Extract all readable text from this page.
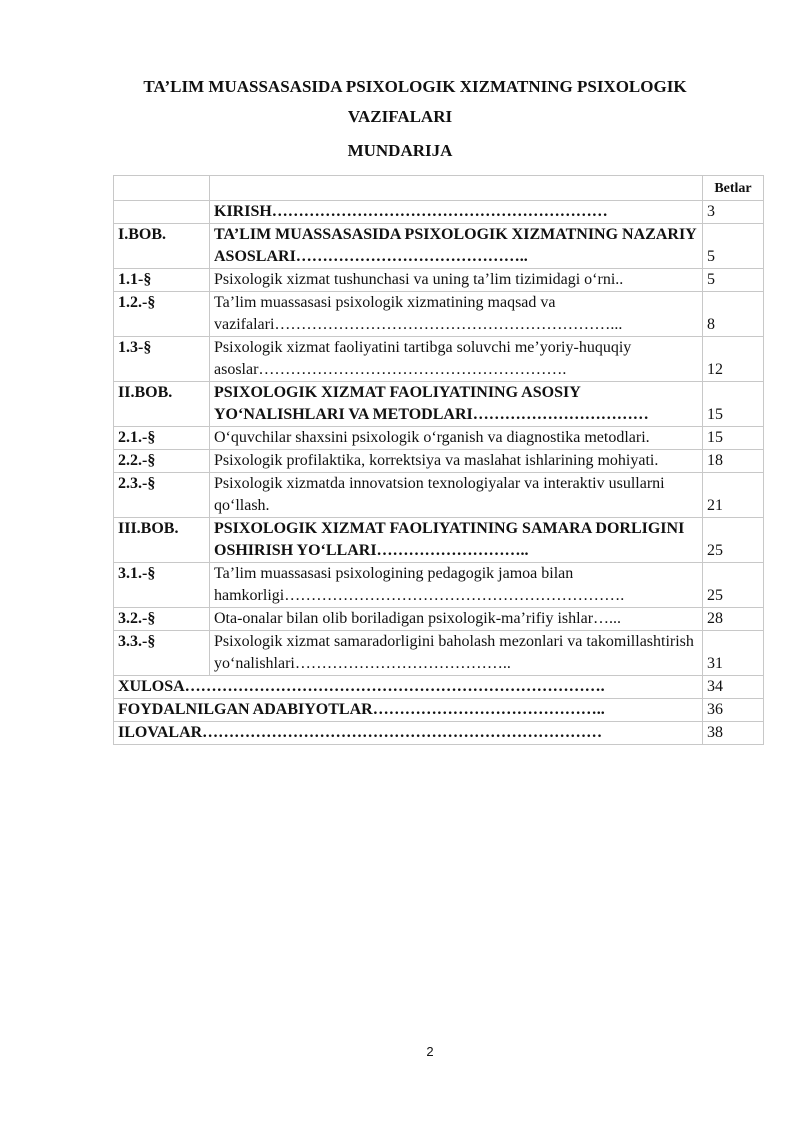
TA’LIM MUASSASASIDA PSIXOLOGIK XIZMATNING PSIXOLOGIK
VAZIFALARI
MUNDARIJA
		Betlar
	KIRISH………………………………………………………	3
I.BOB.	TA’LIM MUASSASASIDA PSIXOLOGIK XIZMATNING NAZARIY ASOSLARI……………………………………..	5
1.1-§	Psixologik xizmat tushunchasi va uning ta’lim tizimidagi o‘rni..	5
1.2.-§	Ta’lim muassasasi psixologik xizmatining maqsad va vazifalari………………………………………………………...	8
1.3-§	Psixologik xizmat faoliyatini tartibga soluvchi me’yoriy-huquqiy asoslar………………………………………………….	12
II.BOB.	PSIXOLOGIK XIZMAT FAOLIYATINING ASOSIY YO‘NALISHLARI VA METODLARI……………………………	15
2.1.-§	O‘quvchilar shaxsini psixologik o‘rganish va diagnostika metodlari.	15
2.2.-§	Psixologik profilaktika, korrektsiya va maslahat ishlarining mohiyati.	18
2.3.-§	Psixologik xizmatda innovatsion texnologiyalar va interaktiv usullarni qo‘llash.	21
III.BOB.	PSIXOLOGIK XIZMAT FAOLIYATINING SAMARA DORLIGINI OSHIRISH YO‘LLARI………………………..	25
3.1.-§	Ta’lim muassasasi psixologining pedagogik jamoa bilan hamkorligi……………………………………………………….	25
3.2.-§	Ota-onalar bilan olib boriladigan psixologik-ma’rifiy ishlar…...	28
3.3.-§	Psixologik xizmat samaradorligini baholash mezonlari va takomillashtirish yo‘nalishlari…………………………………..	31
XULOSA…………………………………………………………………….		34
FOYDALNILGAN ADABIYOTLAR……………………………………..		36
ILOVALAR…………………………………………………………………		38
2
